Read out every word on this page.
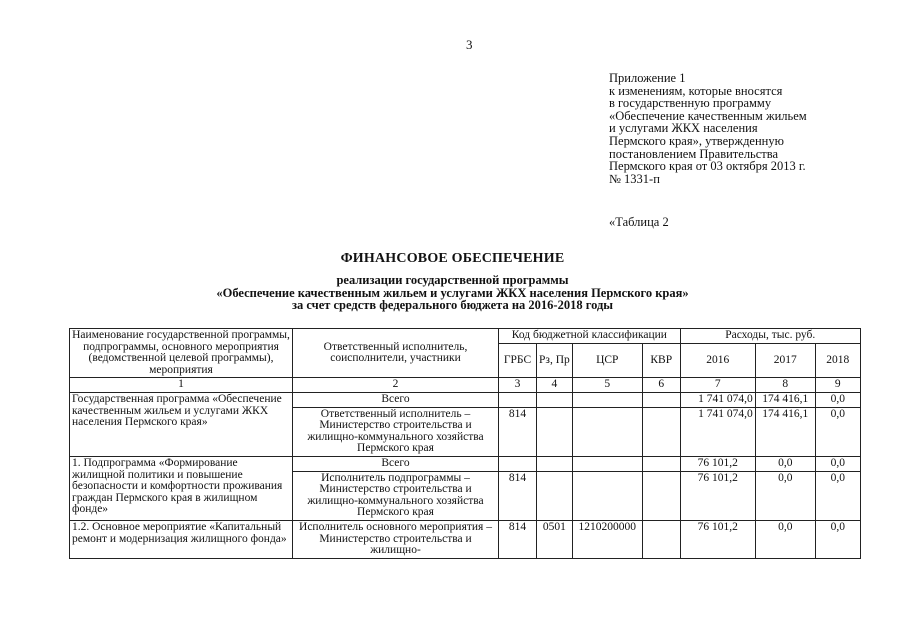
3
Приложение 1
к изменениям, которые вносятся
в государственную программу
«Обеспечение качественным жильем
и услугами ЖКХ населения
Пермского края», утвержденную
постановлением Правительства
Пермского края от 03 октября 2013 г.
№ 1331-п
«Таблица 2
ФИНАНСОВОЕ ОБЕСПЕЧЕНИЕ
реализации государственной программы
«Обеспечение качественным жильем и услугами ЖКХ населения Пермского края»
за счет средств федерального бюджета на 2016-2018 годы
Наименование государственной программы, подпрограммы, основного мероприятия (ведомственной целевой программы), мероприятия	Ответственный исполнитель, соисполнители, участники	Код бюджетной классификации				Расходы, тыс. руб.		
		ГРБС	Рз, Пр	ЦСР	КВР	2016	2017	2018
1	2	3	4	5	6	7	8	9
Государственная программа «Обеспечение качественным жильем и услугами ЖКХ населения Пермского края»	Всего					1 741 074,0	174 416,1	0,0
	Ответственный исполнитель – Министерство строительства и жилищно-коммунального хозяйства Пермского края	814				1 741 074,0	174 416,1	0,0
1. Подпрограмма «Формирование жилищной политики и повышение безопасности и комфортности проживания граждан Пермского края в жилищном фонде»	Всего					76 101,2	0,0	0,0
	Исполнитель подпрограммы – Министерство строительства и жилищно-коммунального хозяйства Пермского края	814				76 101,2	0,0	0,0
1.2. Основное мероприятие «Капитальный ремонт и модернизация жилищного фонда»	Исполнитель основного мероприятия – Министерство строительства и жилищно-	814	0501	1210200000		76 101,2	0,0	0,0
